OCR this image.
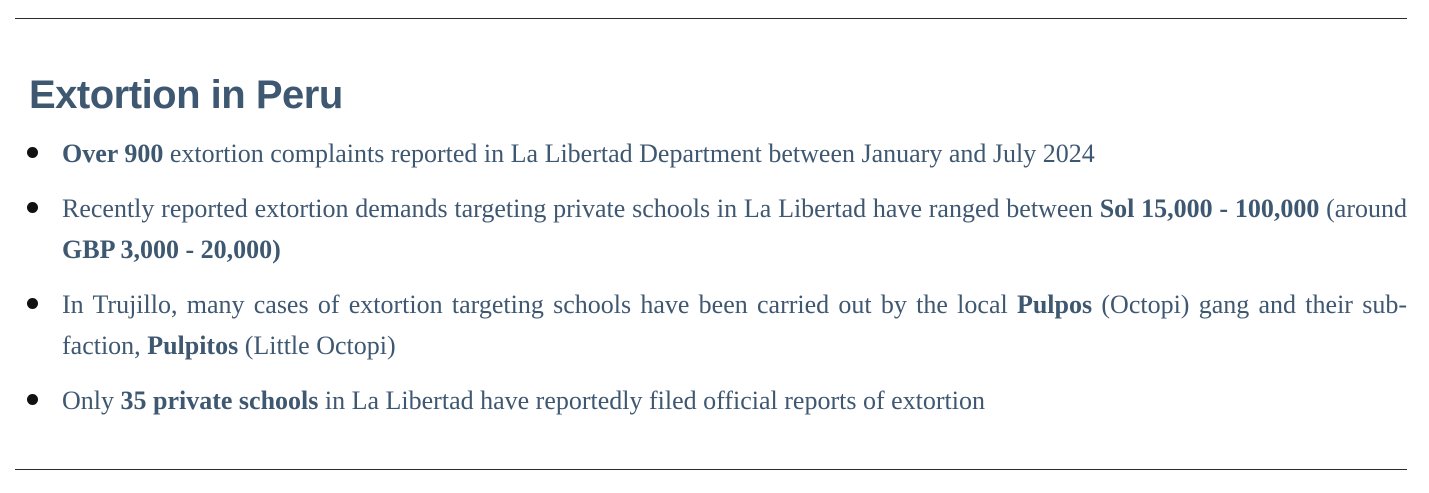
Extortion in Peru
Over 900 extortion complaints reported in La Libertad Department between January and July 2024
Recently reported extortion demands targeting private schools in La Libertad have ranged between Sol 15,000 - 100,000 (around GBP 3,000 - 20,000)
In Trujillo, many cases of extortion targeting schools have been carried out by the local Pulpos (Octopi) gang and their sub-faction, Pulpitos (Little Octopi)
Only 35 private schools in La Libertad have reportedly filed official reports of extortion
